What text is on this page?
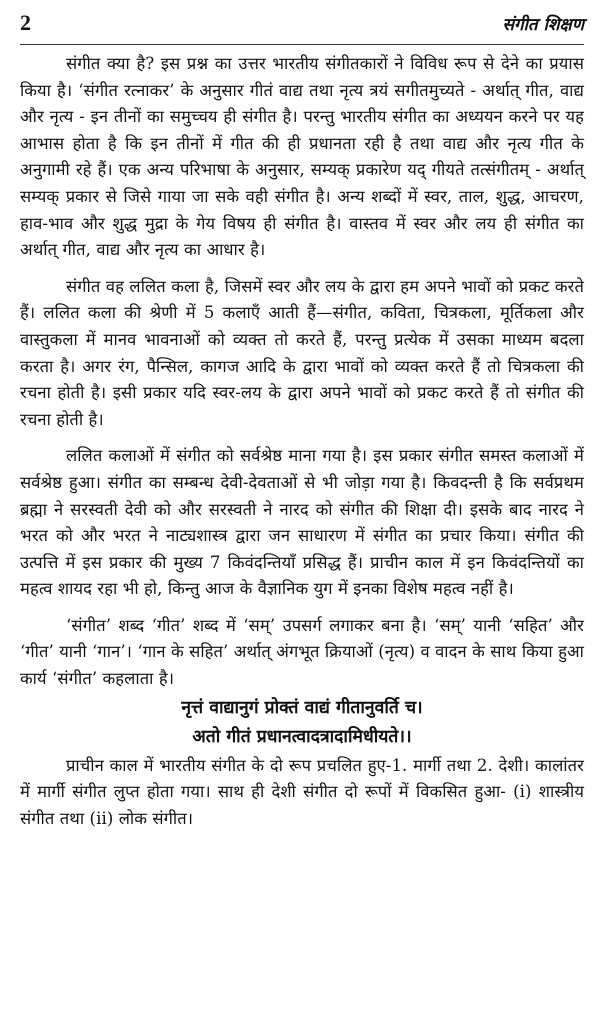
2	संगीत शिक्षण

संगीत क्या है? इस प्रश्न का उत्तर भारतीय संगीतकारों ने विविध रूप से देने का प्रयास किया है। ‘संगीत रत्नाकर’ के अनुसार गीतं वाद्य तथा नृत्य त्रयं सगीतमुच्यते - अर्थात् गीत, वाद्य और नृत्य - इन तीनों का समुच्चय ही संगीत है। परन्तु भारतीय संगीत का अध्ययन करने पर यह आभास होता है कि इन तीनों में गीत की ही प्रधानता रही है तथा वाद्य और नृत्य गीत के अनुगामी रहे हैं। एक अन्य परिभाषा के अनुसार, सम्यक् प्रकारेण यद् गीयते तत्संगीतम् - अर्थात् सम्यक् प्रकार से जिसे गाया जा सके वही संगीत है। अन्य शब्दों में स्वर, ताल, शुद्ध, आचरण, हाव-भाव और शुद्ध मुद्रा के गेय विषय ही संगीत है। वास्तव में स्वर और लय ही संगीत का अर्थात् गीत, वाद्य और नृत्य का आधार है।

संगीत वह ललित कला है, जिसमें स्वर और लय के द्वारा हम अपने भावों को प्रकट करते हैं। ललित कला की श्रेणी में 5 कलाएँ आती हैं—संगीत, कविता, चित्रकला, मूर्तिकला और वास्तुकला में मानव भावनाओं को व्यक्त तो करते हैं, परन्तु प्रत्येक में उसका माध्यम बदला करता है। अगर रंग, पैन्सिल, कागज आदि के द्वारा भावों को व्यक्त करते हैं तो चित्रकला की रचना होती है। इसी प्रकार यदि स्वर-लय के द्वारा अपने भावों को प्रकट करते हैं तो संगीत की रचना होती है।

ललित कलाओं में संगीत को सर्वश्रेष्ठ माना गया है। इस प्रकार संगीत समस्त कलाओं में सर्वश्रेष्ठ हुआ। संगीत का सम्बन्ध देवी-देवताओं से भी जोड़ा गया है। किवदन्ती है कि सर्वप्रथम ब्रह्मा ने सरस्वती देवी को और सरस्वती ने नारद को संगीत की शिक्षा दी। इसके बाद नारद ने भरत को और भरत ने नाट्यशास्त्र द्वारा जन साधारण में संगीत का प्रचार किया। संगीत की उत्पत्ति में इस प्रकार की मुख्य 7 किवंदन्तियाँ प्रसिद्ध हैं। प्राचीन काल में इन किवंदन्तियों का महत्व शायद रहा भी हो, किन्तु आज के वैज्ञानिक युग में इनका विशेष महत्व नहीं है।

‘संगीत’ शब्द ‘गीत’ शब्द में ‘सम्’ उपसर्ग लगाकर बना है। ‘सम्’ यानी ‘सहित’ और ‘गीत’ यानी ‘गान’। ‘गान के सहित’ अर्थात् अंगभूत क्रियाओं (नृत्य) व वादन के साथ किया हुआ कार्य ‘संगीत’ कहलाता है।

नृत्तं वाद्यानुगं प्रोक्तं वाद्यं गीतानुवर्ति च।
अतो गीतं प्रधानत्वादत्रादामिधीयते।।

प्राचीन काल में भारतीय संगीत के दो रूप प्रचलित हुए-1. मार्गी तथा 2. देशी। कालांतर में मार्गी संगीत लुप्त होता गया। साथ ही देशी संगीत दो रूपों में विकसित हुआ- (i) शास्त्रीय संगीत तथा (ii) लोक संगीत।
